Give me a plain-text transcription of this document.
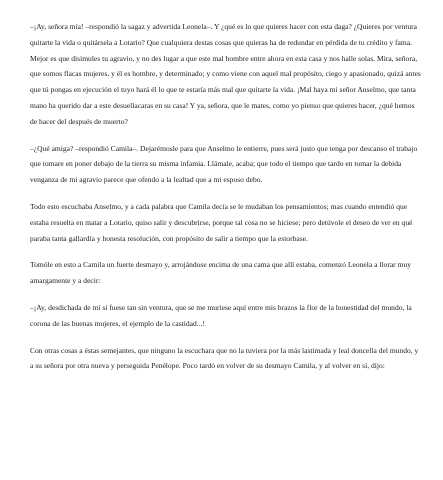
–¡Ay, señora mía! –respondió la sagaz y advertida Leonela–. Y ¿qué es lo que quieres hacer con esta daga? ¿Quieres por ventura quitarte la vida o quitársela a Lotario? Que cualquiera destas cosas que quieras ha de redundar en pérdida de tu crédito y fama. Mejor es que disimules tu agravio, y no des lugar a que este mal hombre entre ahora en esta casa y nos halle solas. Mira, señora, que somos flacas mujeres, y él es hombre, y determinado; y como viene con aquel mal propósito, ciego y apasionado, quizá antes que tú pongas en ejecución el tuyo hará él lo que te estaría más mal que quitarte la vida. ¡Mal haya mi señor Anselmo, que tanta mano ha querido dar a este desuellacaras en su casa! Y ya, señora, que le mates, como yo pienso que quieres hacer, ¿qué hemos de hacer del después de muerto?

–¿Qué amiga? –respondió Camila–. Dejarémosle para que Anselmo le entierre, pues será justo que tenga por descanso el trabajo que tomare en poner debajo de la tierra su misma infamia. Llámale, acaba; que todo el tiempo que tardo en tomar la debida venganza de mi agravio parece que ofendo a la lealtad que a mi esposo debo.

Todo esto escuchaba Anselmo, y a cada palabra que Camila decía se le mudaban los pensamientos; mas cuando entendió que estaba resuelta en matar a Lotario, quiso salir y descubrirse, porque tal cosa no se hiciese; pero detúvole el deseo de ver en qué paraba tanta gallardía y honesta resolución, con propósito de salir a tiempo que la estorbase.

Tomóle en esto a Camila un fuerte desmayo y, arrojándose encima de una cama que allí estaba, comenzó Leonela a llorar muy amargamente y a decir:

–¡Ay, desdichada de mí si fuese tan sin ventura, que se me muriese aquí entre mis brazos la flor de la honestidad del mundo, la corona de las buenas mujeres, el ejemplo de la castidad...!

Con otras cosas a éstas semejantes, que ninguno la escuchara que no la tuviera por la más lastimada y leal doncella del mundo, y a su señora por otra nueva y perseguida Penélope. Poco tardó en volver de su desmayo Camila, y al volver en sí, dijo:
